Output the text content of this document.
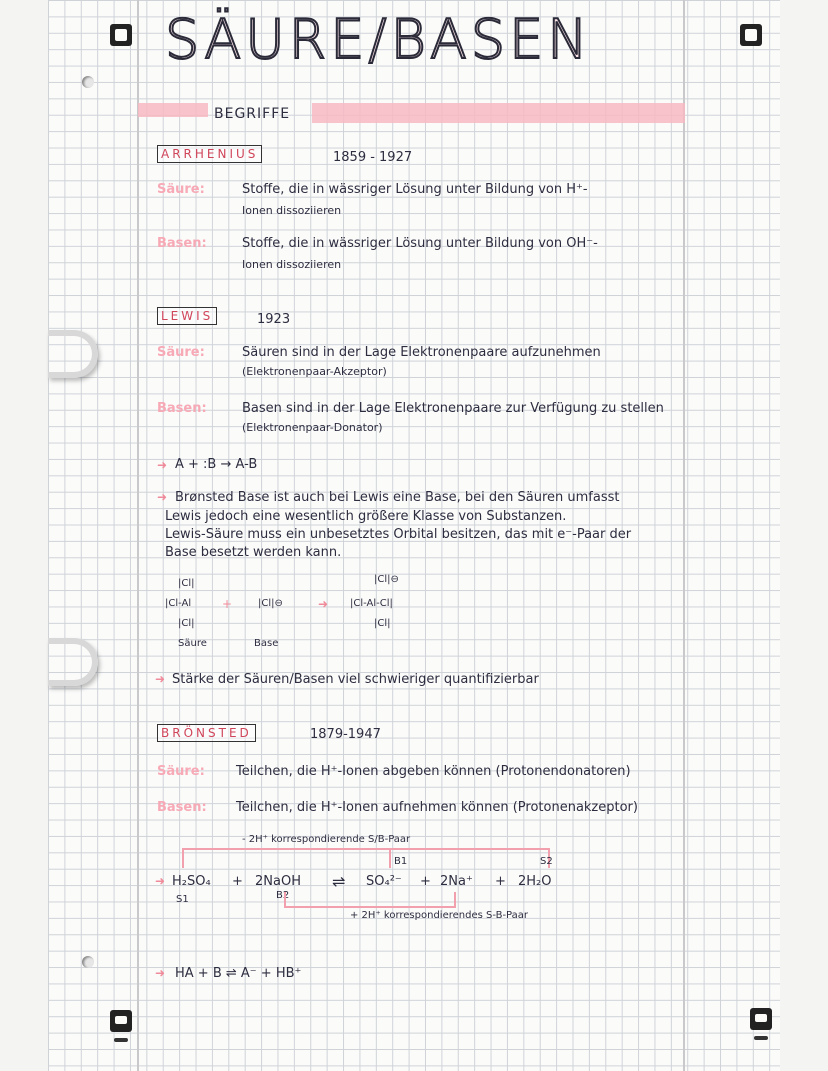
SÄURE/BASEN
BEGRIFFE
ARRHENIUS	1859 - 1927
Säure:	Stoffe, die in wässriger Lösung unter Bildung von H⁺-
Ionen dissoziieren
Basen:	Stoffe, die in wässriger Lösung unter Bildung von OH⁻-
Ionen dissoziieren
LEWIS	1923
Säure:	Säuren sind in der Lage Elektronenpaare aufzunehmen
(Elektronenpaar-Akzeptor)
Basen:	Basen sind in der Lage Elektronenpaare zur Verfügung zu stellen
(Elektronenpaar-Donator)
➜ A + :B → A-B
➜ Brønsted Base ist auch bei Lewis eine Base, bei den Säuren umfasst
Lewis jedoch eine wesentlich größere Klasse von Substanzen.
Lewis-Säure muss ein unbesetztes Orbital besitzen, das mit e⁻-Paar der
Base besetzt werden kann.
|Cl|
|Cl-Al
|Cl|
Säure
+	|Cl|⊖
Base
➜
|Cl|⊖
|Cl-Al-Cl|
|Cl|
➜ Stärke der Säuren/Basen viel schwieriger quantifizierbar
BRÖNSTED	1879-1947
Säure: Teilchen, die H⁺-Ionen abgeben können (Protonendonatoren)
Basen: Teilchen, die H⁺-Ionen aufnehmen können (Protonenakzeptor)
- 2H⁺ korrespondierende S/B-Paar
B1	S2
➜ H₂SO₄ + 2NaOH ⇌ SO₄²⁻ + 2Na⁺ + 2H₂O
S1	B2
+ 2H⁺ korrespondierendes S-B-Paar
➜ HA + B ⇌ A⁻ + HB⁺
